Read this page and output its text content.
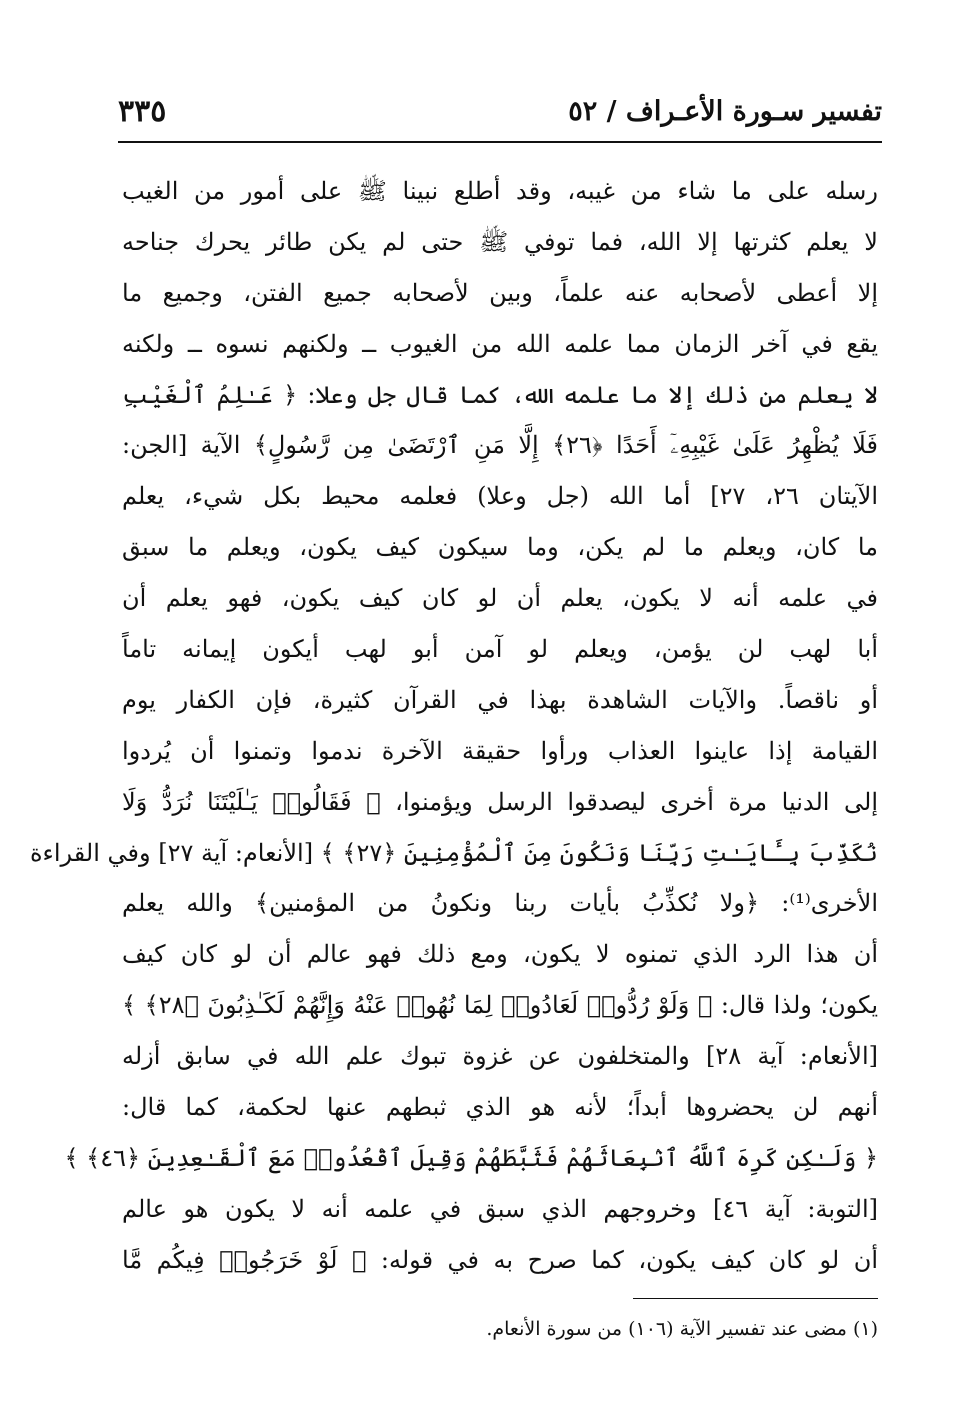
تفسير سـورة الأعـراف / ٥٢
٣٣٥
رسله على ما شاء من غيبه، وقد أطلع نبينا ﷺ على أمور من الغيب
لا يعلم كثرتها إلا الله، فما توفي ﷺ حتى لم يكن طائر يحرك جناحه
إلا أعطى لأصحابه عنه علماً، وبين لأصحابه جميع الفتن، وجميع ما
يقع في آخر الزمان مما علمه الله من الغيوب ــ ولكنهم نسوه ــ ولكنه
لا يعلم من ذلك إلا ما علمه الله، كما قال جل وعلا: ﴿ عَـٰلِمُ ٱلْغَيْبِ
فَلَا يُظْهِرُ عَلَىٰ غَيْبِهِۦٓ أَحَدًا ﴿٢٦﴾ إِلَّا مَنِ ٱرْتَضَىٰ مِن رَّسُولٍ﴾ الآية [الجن:
الآيتان ٢٦، ٢٧] أما الله (جل وعلا) فعلمه محيط بكل شيء، يعلم
ما كان، ويعلم ما لم يكن، وما سيكون كيف يكون، ويعلم ما سبق
في علمه أنه لا يكون، يعلم أن لو كان كيف يكون، فهو يعلم أن
أبا لهب لن يؤمن، ويعلم لو آمن أبو لهب أيكون إيمانه تاماً
أو ناقصاً. والآيات الشاهدة بهذا في القرآن كثيرة، فإن الكفار يوم
القيامة إذا عاينوا العذاب ورأوا حقيقة الآخرة ندموا وتمنوا أن يُردوا
إلى الدنيا مرة أخرى ليصدقوا الرسل ويؤمنوا، ﴿ فَقَالُوا۟ يَـٰلَيْتَنَا نُرَدُّ وَلَا
نُكَذِّبَ بِـَٔايَـٰتِ رَبِّنَا وَنَكُونَ مِنَ ٱلْمُؤْمِنِينَ ﴿٢٧﴾ ﴾ [الأنعام: آية ٢٧] وفي القراءة
الأخرى⁽¹⁾: ﴿ولا نُكذِّبُ بأيات ربنا ونكونُ من المؤمنين﴾ والله يعلم
أن هذا الرد الذي تمنوه لا يكون، ومع ذلك فهو عالم أن لو كان كيف
يكون؛ ولذا قال: ﴿ وَلَوْ رُدُّوا۟ لَعَادُوا۟ لِمَا نُهُوا۟ عَنْهُ وَإِنَّهُمْ لَكَـٰذِبُونَ ﴿٢٨﴾ ﴾
[الأنعام: آية ٢٨] والمتخلفون عن غزوة تبوك علم الله في سابق أزله
أنهم لن يحضروها أبداً؛ لأنه هو الذي ثبطهم عنها لحكمة، كما قال:
﴿ وَلَـٰكِن كَرِهَ ٱللَّهُ ٱنۢبِعَاثَهُمْ فَثَبَّطَهُمْ وَقِيلَ ٱقْعُدُوا۟ مَعَ ٱلْقَـٰعِدِينَ ﴿٤٦﴾ ﴾
[التوبة: آية ٤٦] وخروجهم الذي سبق في علمه أنه لا يكون هو عالم
أن لو كان كيف يكون، كما صرح به في قوله: ﴿ لَوْ خَرَجُوا۟ فِيكُم مَّا
(١) مضى عند تفسير الآية (١٠٦) من سورة الأنعام.
